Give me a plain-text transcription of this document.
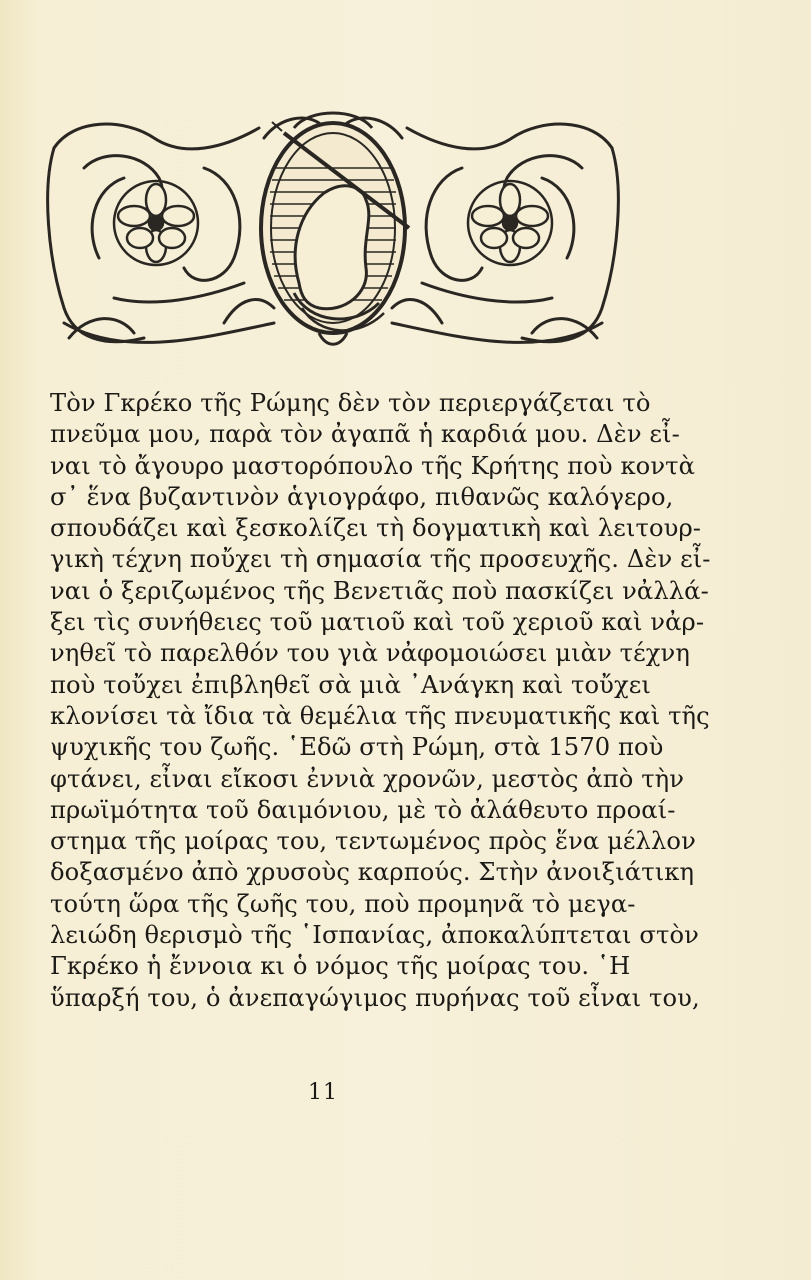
Τὸν Γκρέκο τῆς Ρώμης δὲν τὸν περιεργάζεται τὸ
πνεῦμα μου, παρὰ τὸν ἀγαπᾶ ἡ καρδιά μου. Δὲν εἶ-
ναι τὸ ἄγουρο μαστορόπουλο τῆς Κρήτης ποὺ κοντὰ
σ᾿ ἕνα βυζαντινὸν ἁγιογράφο, πιθανῶς καλόγερο,
σπουδάζει καὶ ξεσκολίζει τὴ δογματικὴ καὶ λειτουρ-
γικὴ τέχνη ποὔχει τὴ σημασία τῆς προσευχῆς. Δὲν εἶ-
ναι ὁ ξεριζωμένος τῆς Βενετιᾶς ποὺ πασκίζει νἀλλά-
ξει τὶς συνήθειες τοῦ ματιοῦ καὶ τοῦ χεριοῦ καὶ νἀρ-
νηθεῖ τὸ παρελθόν του γιὰ νἀφομοιώσει μιὰν τέχνη
ποὺ τοὔχει ἐπιβληθεῖ σὰ μιὰ ᾿Ανάγκη καὶ τοὔχει
κλονίσει τὰ ἴδια τὰ θεμέλια τῆς πνευματικῆς καὶ τῆς
ψυχικῆς του ζωῆς. ῾Εδῶ στὴ Ρώμη, στὰ 1570 ποὺ
φτάνει, εἶναι εἴκοσι ἐννιὰ χρονῶν, μεστὸς ἀπὸ τὴν
πρωϊμότητα τοῦ δαιμόνιου, μὲ τὸ ἀλάθευτο προαί-
στημα τῆς μοίρας του, τεντωμένος πρὸς ἕνα μέλλον
δοξασμένο ἀπὸ χρυσοὺς καρπούς. Στὴν ἀνοιξιάτικη
τούτη ὥρα τῆς ζωῆς του, ποὺ προμηνᾶ τὸ μεγα-
λειώδη θερισμὸ τῆς ῾Ισπανίας, ἀποκαλύπτεται στὸν
Γκρέκο ἡ ἔννοια κι ὁ νόμος τῆς μοίρας του. ῾Η
ὕπαρξή του, ὁ ἀνεπαγώγιμος πυρήνας τοῦ εἶναι του,
11
